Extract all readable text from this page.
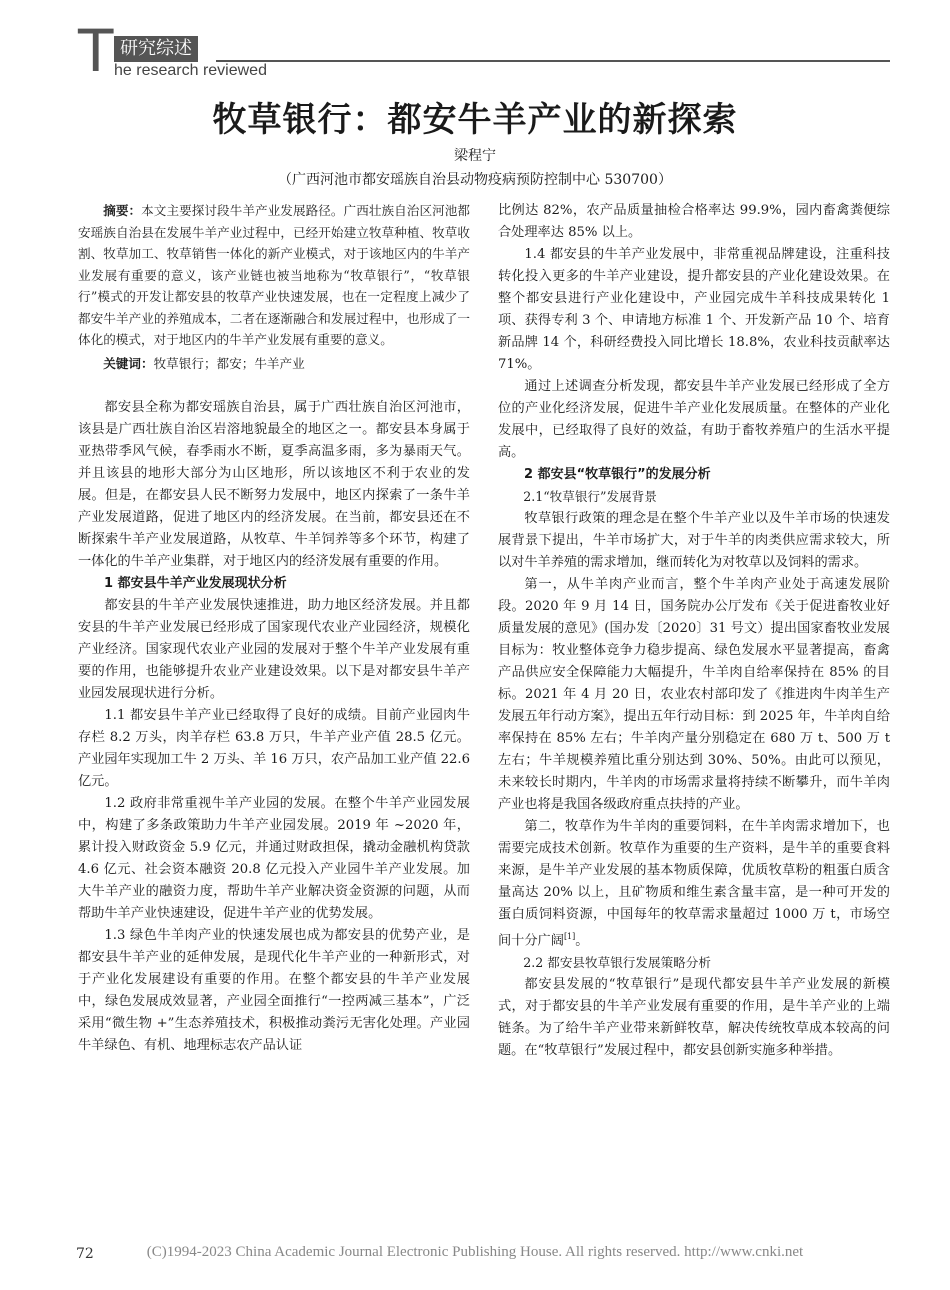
T 研究综述
he research reviewed
牧草银行：都安牛羊产业的新探索
梁程宁
（广西河池市都安瑶族自治县动物疫病预防控制中心 530700）

摘要：本文主要探讨段牛羊产业发展路径。广西壮族自治区河池都安瑶族自治县在发展牛羊产业过程中，已经开始建立牧草种植、牧草收割、牧草加工、牧草销售一体化的新产业模式，对于该地区内的牛羊产业发展有重要的意义，该产业链也被当地称为“牧草银行”，“牧草银行”模式的开发让都安县的牧草产业快速发展，也在一定程度上减少了都安牛羊产业的养殖成本，二者在逐渐融合和发展过程中，也形成了一体化的模式，对于地区内的牛羊产业发展有重要的意义。

关键词：牧草银行；都安；牛羊产业

都安县全称为都安瑶族自治县，属于广西壮族自治区河池市，该县是广西壮族自治区岩溶地貌最全的地区之一。都安县本身属于亚热带季风气候，春季雨水不断，夏季高温多雨，多为暴雨天气。并且该县的地形大部分为山区地形，所以该地区不利于农业的发展。但是，在都安县人民不断努力发展中，地区内探索了一条牛羊产业发展道路，促进了地区内的经济发展。在当前，都安县还在不断探索牛羊产业发展道路，从牧草、牛羊饲养等多个环节，构建了一体化的牛羊产业集群，对于地区内的经济发展有重要的作用。

1 都安县牛羊产业发展现状分析

都安县的牛羊产业发展快速推进，助力地区经济发展。并且都安县的牛羊产业发展已经形成了国家现代农业产业园经济，规模化产业经济。国家现代农业产业园的发展对于整个牛羊产业发展有重要的作用，也能够提升农业产业建设效果。以下是对都安县牛羊产业园发展现状进行分析。

1.1 都安县牛羊产业已经取得了良好的成绩。目前产业园肉牛存栏 8.2 万头，肉羊存栏 63.8 万只，牛羊产业产值 28.5 亿元。产业园年实现加工牛 2 万头、羊 16 万只，农产品加工业产值 22.6 亿元。

1.2 政府非常重视牛羊产业园的发展。在整个牛羊产业园发展中，构建了多条政策助力牛羊产业园发展。2019 年 ~2020 年，累计投入财政资金 5.9 亿元，并通过财政担保，撬动金融机构贷款 4.6 亿元、社会资本融资 20.8 亿元投入产业园牛羊产业发展。加大牛羊产业的融资力度，帮助牛羊产业解决资金资源的问题，从而帮助牛羊产业快速建设，促进牛羊产业的优势发展。

1.3 绿色牛羊肉产业的快速发展也成为都安县的优势产业，是都安县牛羊产业的延伸发展，是现代化牛羊产业的一种新形式，对于产业化发展建设有重要的作用。在整个都安县的牛羊产业发展中，绿色发展成效显著，产业园全面推行“一控两减三基本”，广泛采用“微生物 +”生态养殖技术，积极推动粪污无害化处理。产业园牛羊绿色、有机、地理标志农产品认证

比例达 82%，农产品质量抽检合格率达 99.9%，园内畜禽粪便综合处理率达 85% 以上。

1.4 都安县的牛羊产业发展中，非常重视品牌建设，注重科技转化投入更多的牛羊产业建设，提升都安县的产业化建设效果。在整个都安县进行产业化建设中，产业园完成牛羊科技成果转化 1 项、获得专利 3 个、申请地方标准 1 个、开发新产品 10 个、培育新品牌 14 个，科研经费投入同比增长 18.8%，农业科技贡献率达 71%。

通过上述调查分析发现，都安县牛羊产业发展已经形成了全方位的产业化经济发展，促进牛羊产业化发展质量。在整体的产业化发展中，已经取得了良好的效益，有助于畜牧养殖户的生活水平提高。

2 都安县“牧草银行”的发展分析

2.1“牧草银行”发展背景

牧草银行政策的理念是在整个牛羊产业以及牛羊市场的快速发展背景下提出，牛羊市场扩大，对于牛羊的肉类供应需求较大，所以对牛羊养殖的需求增加，继而转化为对牧草以及饲料的需求。

第一，从牛羊肉产业而言，整个牛羊肉产业处于高速发展阶段。2020 年 9 月 14 日，国务院办公厅发布《关于促进畜牧业好质量发展的意见》(国办发〔2020〕31 号文）提出国家畜牧业发展目标为：牧业整体竞争力稳步提高、绿色发展水平显著提高，畜禽产品供应安全保障能力大幅提升，牛羊肉自给率保持在 85% 的目标。2021 年 4 月 20 日，农业农村部印发了《推进肉牛肉羊生产发展五年行动方案》，提出五年行动目标：到 2025 年，牛羊肉自给率保持在 85% 左右；牛羊肉产量分别稳定在 680 万 t、500 万 t 左右；牛羊规模养殖比重分别达到 30%、50%。由此可以预见，未来较长时期内，牛羊肉的市场需求量将持续不断攀升，而牛羊肉产业也将是我国各级政府重点扶持的产业。

第二，牧草作为牛羊肉的重要饲料，在牛羊肉需求增加下，也需要完成技术创新。牧草作为重要的生产资料，是牛羊的重要食料来源，是牛羊产业发展的基本物质保障，优质牧草粉的粗蛋白质含量高达 20% 以上，且矿物质和维生素含量丰富，是一种可开发的蛋白质饲料资源，中国每年的牧草需求量超过 1000 万 t，市场空间十分广阔[1]。

2.2 都安县牧草银行发展策略分析

都安县发展的“牧草银行”是现代都安县牛羊产业发展的新模式，对于都安县的牛羊产业发展有重要的作用，是牛羊产业的上端链条。为了给牛羊产业带来新鲜牧草，解决传统牧草成本较高的问题。在“牧草银行”发展过程中，都安县创新实施多种举措。

72	(C)1994-2023 China Academic Journal Electronic Publishing House. All rights reserved. http://www.cnki.net
